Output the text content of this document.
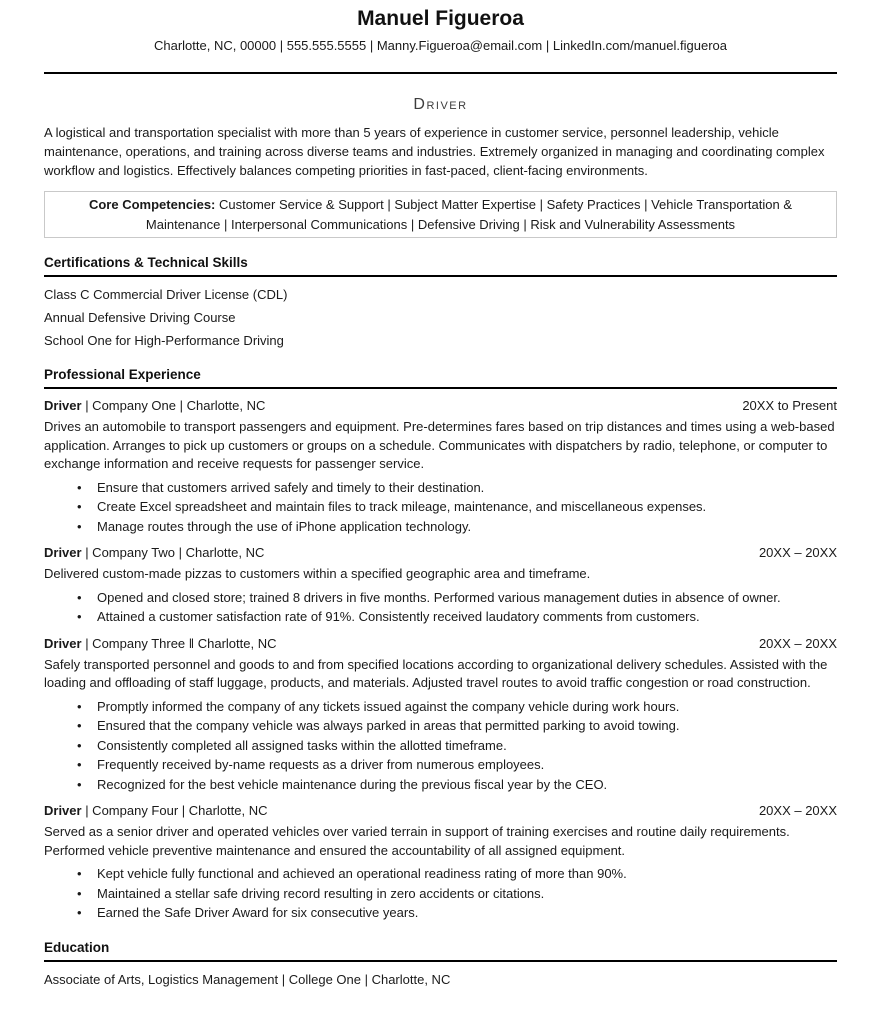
Manuel Figueroa
Charlotte, NC, 00000 | 555.555.5555 | Manny.Figueroa@email.com | LinkedIn.com/manuel.figueroa
Driver

A logistical and transportation specialist with more than 5 years of experience in customer service, personnel leadership, vehicle maintenance, operations, and training across diverse teams and industries. Extremely organized in managing and coordinating complex workflow and logistics. Effectively balances competing priorities in fast-paced, client-facing environments.

Core Competencies: Customer Service & Support | Subject Matter Expertise | Safety Practices | Vehicle Transportation & Maintenance | Interpersonal Communications | Defensive Driving | Risk and Vulnerability Assessments
Certifications & Technical Skills

Class C Commercial Driver License (CDL)

Annual Defensive Driving Course

School One for High-Performance Driving

Professional Experience
Driver | Company One | Charlotte, NC	20XX to Present

Drives an automobile to transport passengers and equipment. Pre-determines fares based on trip distances and times using a web-based application. Arranges to pick up customers or groups on a schedule. Communicates with dispatchers by radio, telephone, or computer to exchange information and receive requests for passenger service.

• Ensure that customers arrived safely and timely to their destination.
• Create Excel spreadsheet and maintain files to track mileage, maintenance, and miscellaneous expenses.
• Manage routes through the use of iPhone application technology.
Driver | Company Two | Charlotte, NC	20XX – 20XX

Delivered custom-made pizzas to customers within a specified geographic area and timeframe.

• Opened and closed store; trained 8 drivers in five months. Performed various management duties in absence of owner.
• Attained a customer satisfaction rate of 91%. Consistently received laudatory comments from customers.
Driver | Company Three ‖ Charlotte, NC	20XX – 20XX

Safely transported personnel and goods to and from specified locations according to organizational delivery schedules. Assisted with the loading and offloading of staff luggage, products, and materials. Adjusted travel routes to avoid traffic congestion or road construction.

• Promptly informed the company of any tickets issued against the company vehicle during work hours.
• Ensured that the company vehicle was always parked in areas that permitted parking to avoid towing.
• Consistently completed all assigned tasks within the allotted timeframe.
• Frequently received by-name requests as a driver from numerous employees.
• Recognized for the best vehicle maintenance during the previous fiscal year by the CEO.
Driver | Company Four | Charlotte, NC	20XX – 20XX

Served as a senior driver and operated vehicles over varied terrain in support of training exercises and routine daily requirements. Performed vehicle preventive maintenance and ensured the accountability of all assigned equipment.

• Kept vehicle fully functional and achieved an operational readiness rating of more than 90%.
• Maintained a stellar safe driving record resulting in zero accidents or citations.
• Earned the Safe Driver Award for six consecutive years.
Education

Associate of Arts, Logistics Management | College One | Charlotte, NC
